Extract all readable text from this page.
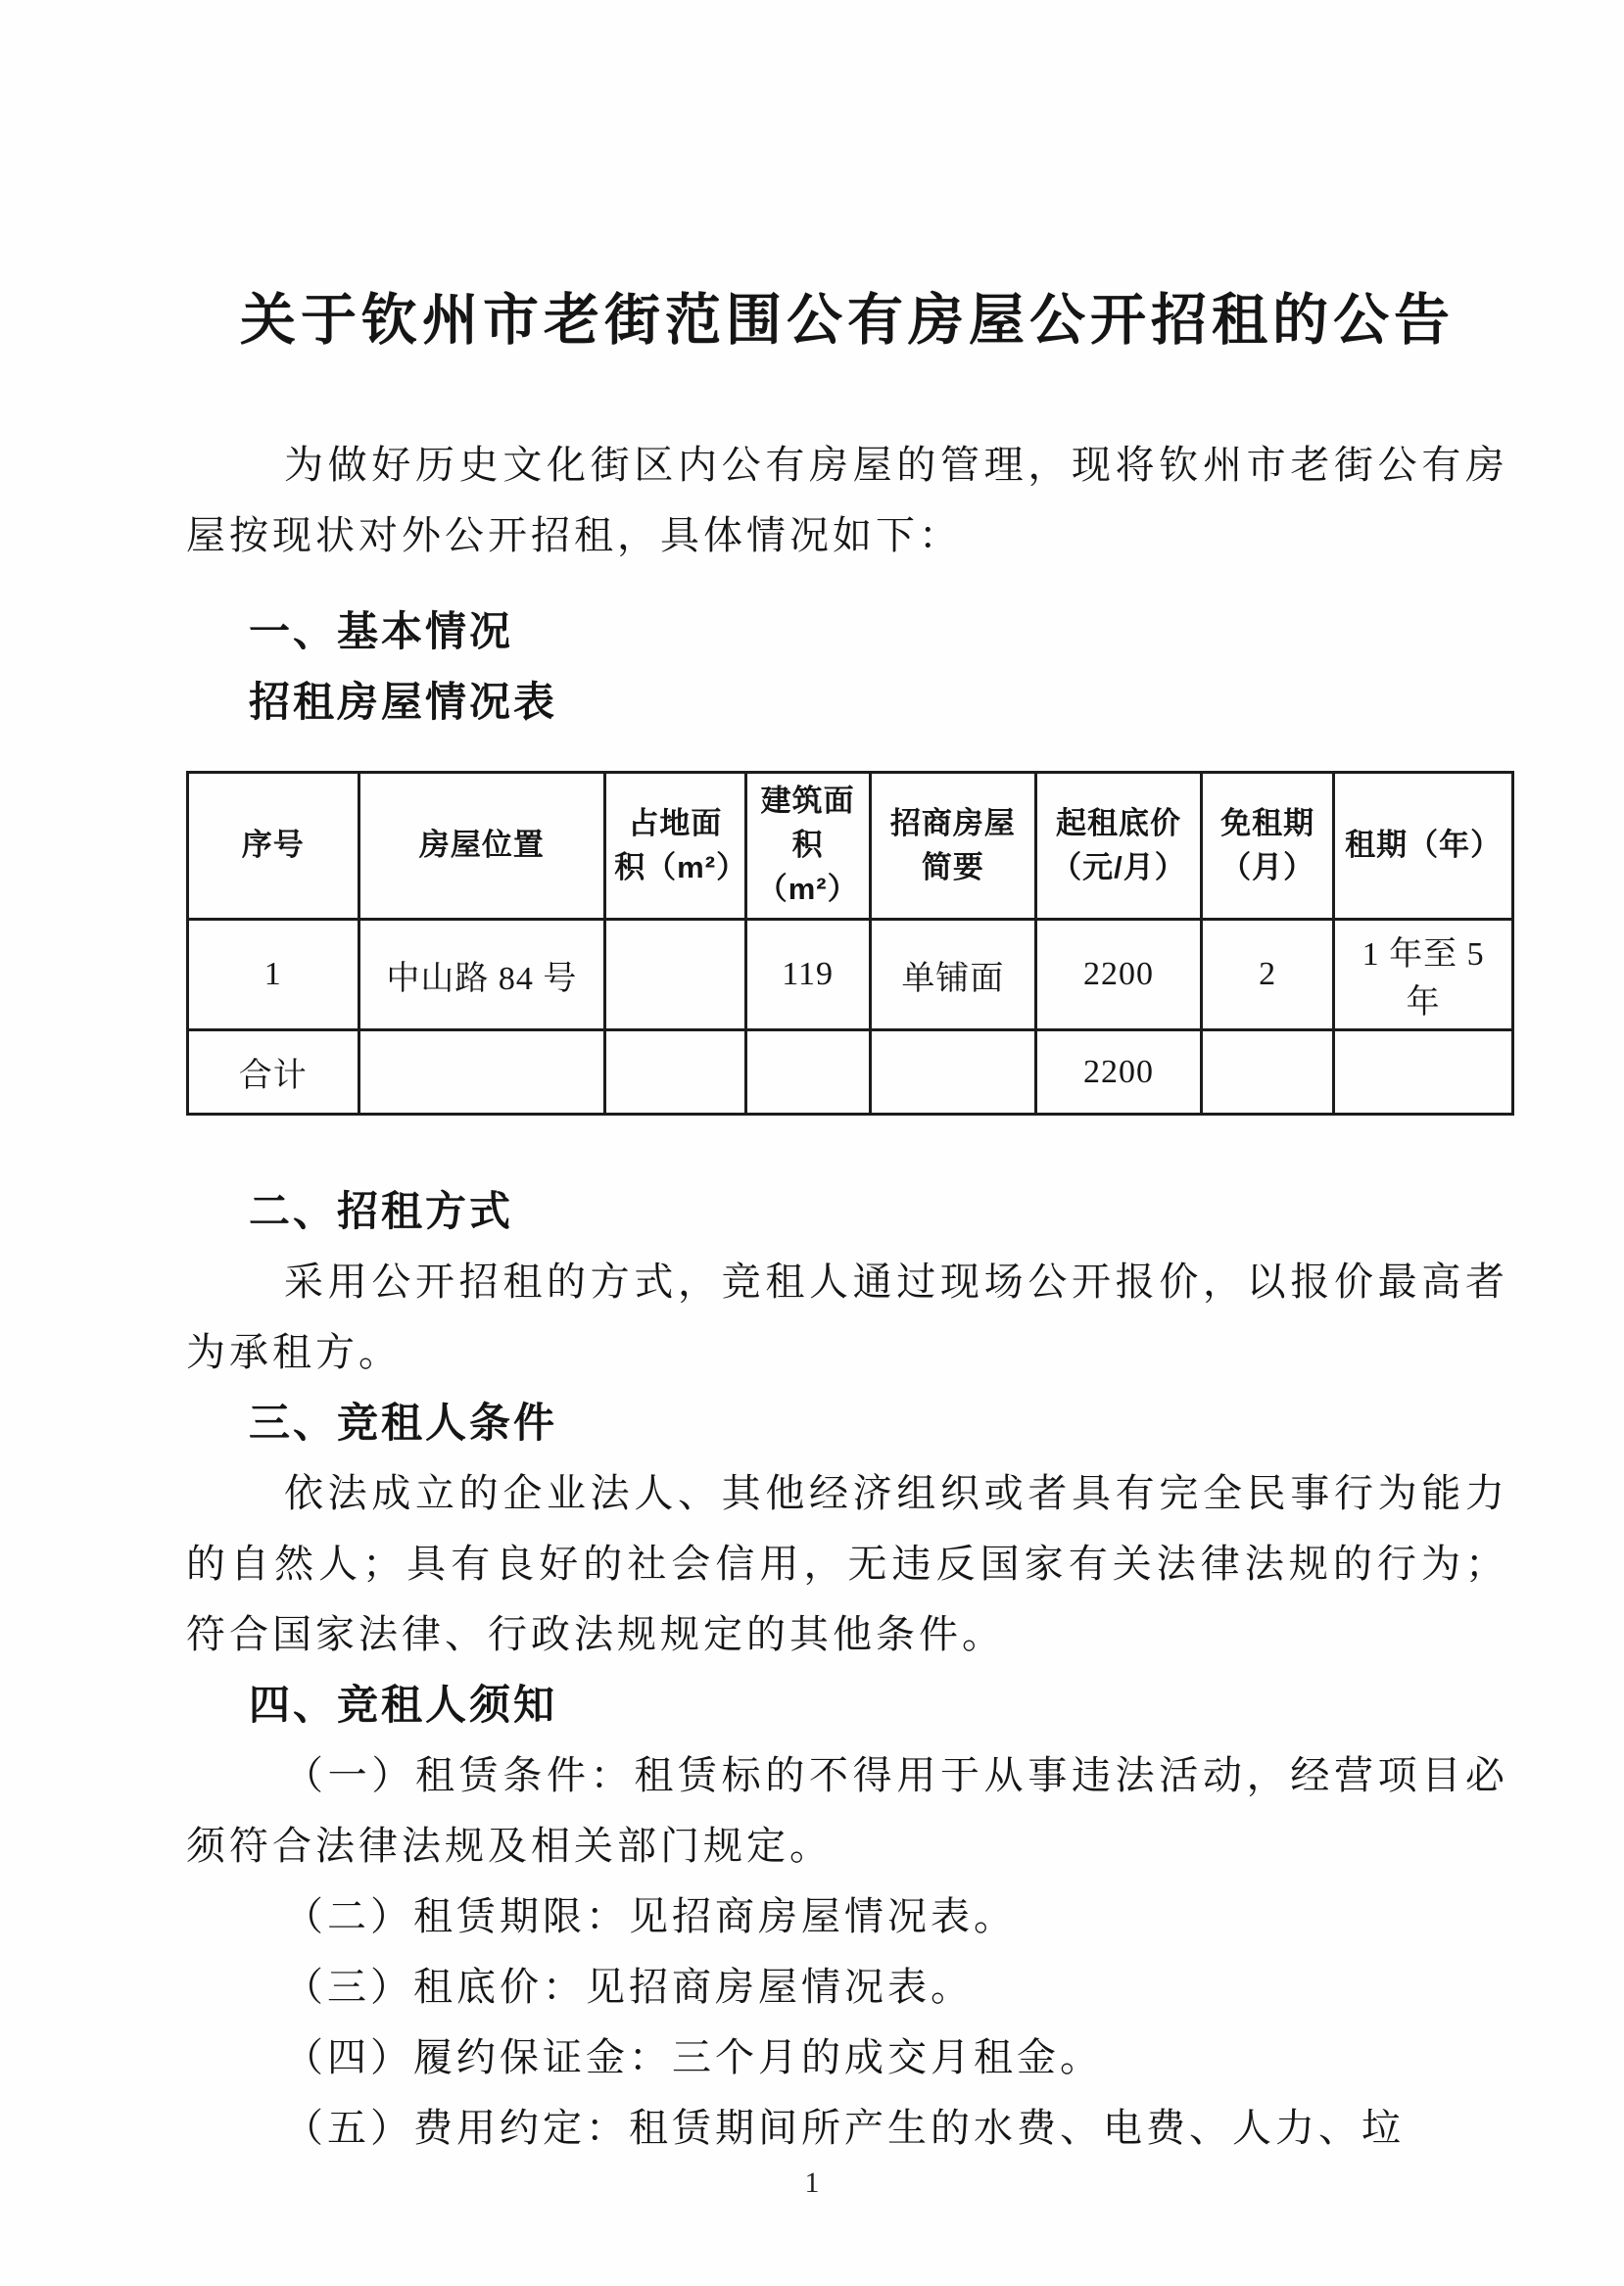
关于钦州市老街范围公有房屋公开招租的公告

为做好历史文化街区内公有房屋的管理，现将钦州市老街公有房屋按现状对外公开招租，具体情况如下：

一、基本情况
招租房屋情况表
序号	房屋位置	占地面积（m²）	建筑面积（m²）	招商房屋简要	起租底价（元/月）	免租期（月）	租期（年）
1	中山路 84 号		119	单铺面	2200	2	1 年至 5 年
合计					2200		
二、招租方式

采用公开招租的方式，竞租人通过现场公开报价，以报价最高者为承租方。

三、竞租人条件

依法成立的企业法人、其他经济组织或者具有完全民事行为能力的自然人；具有良好的社会信用，无违反国家有关法律法规的行为；符合国家法律、行政法规规定的其他条件。

四、竞租人须知

（一）租赁条件：租赁标的不得用于从事违法活动，经营项目必须符合法律法规及相关部门规定。

（二）租赁期限：见招商房屋情况表。

（三）租底价：见招商房屋情况表。

（四）履约保证金：三个月的成交月租金。

（五）费用约定：租赁期间所产生的水费、电费、人力、垃

1
